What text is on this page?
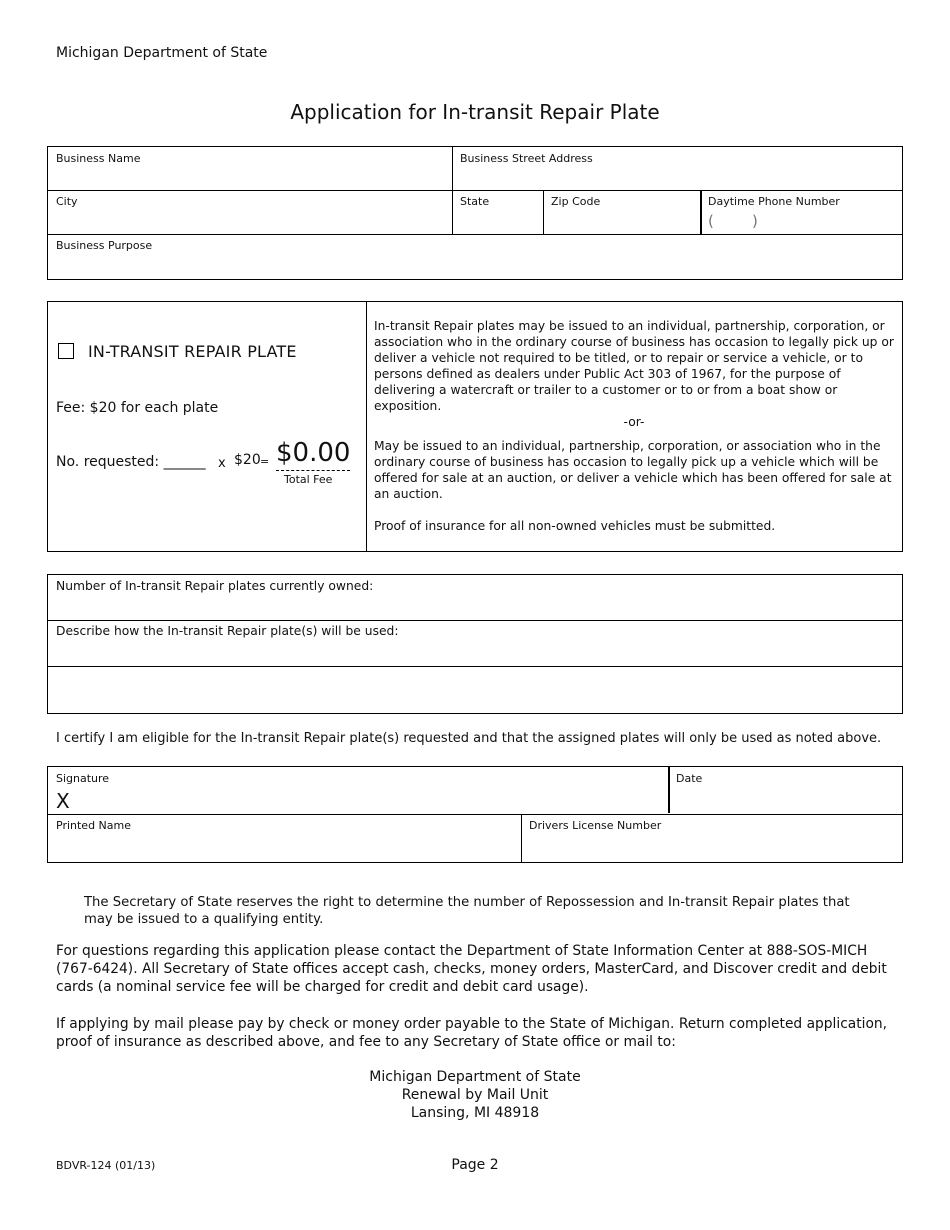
Michigan Department of State
Application for In-transit Repair Plate
Business Name	Business Street Address
City	State	Zip Code	Daytime Phone Number
( )
Business Purpose
IN-TRANSIT REPAIR PLATE
Fee: $20 for each plate
No. requested: ______ x $20 = $0.00
Total Fee

In-transit Repair plates may be issued to an individual, partnership, corporation, or association who in the ordinary course of business has occasion to legally pick up or deliver a vehicle not required to be titled, or to repair or service a vehicle, or to persons defined as dealers under Public Act 303 of 1967, for the purpose of delivering a watercraft or trailer to a customer or to or from a boat show or exposition.

-or-

May be issued to an individual, partnership, corporation, or association who in the ordinary course of business has occasion to legally pick up a vehicle which will be offered for sale at an auction, or deliver a vehicle which has been offered for sale at an auction.

Proof of insurance for all non-owned vehicles must be submitted.

Number of In-transit Repair plates currently owned:
Describe how the In-transit Repair plate(s) will be used:
I certify I am eligible for the In-transit Repair plate(s) requested and that the assigned plates will only be used as noted above.
Signature
X
Date
Printed Name	Drivers License Number
The Secretary of State reserves the right to determine the number of Repossession and In-transit Repair plates that may be issued to a qualifying entity.
For questions regarding this application please contact the Department of State Information Center at 888-SOS-MICH (767-6424). All Secretary of State offices accept cash, checks, money orders, MasterCard, and Discover credit and debit cards (a nominal service fee will be charged for credit and debit card usage).
If applying by mail please pay by check or money order payable to the State of Michigan. Return completed application, proof of insurance as described above, and fee to any Secretary of State office or mail to:
Michigan Department of State
Renewal by Mail Unit
Lansing, MI 48918
BDVR-124 (01/13)	Page 2
